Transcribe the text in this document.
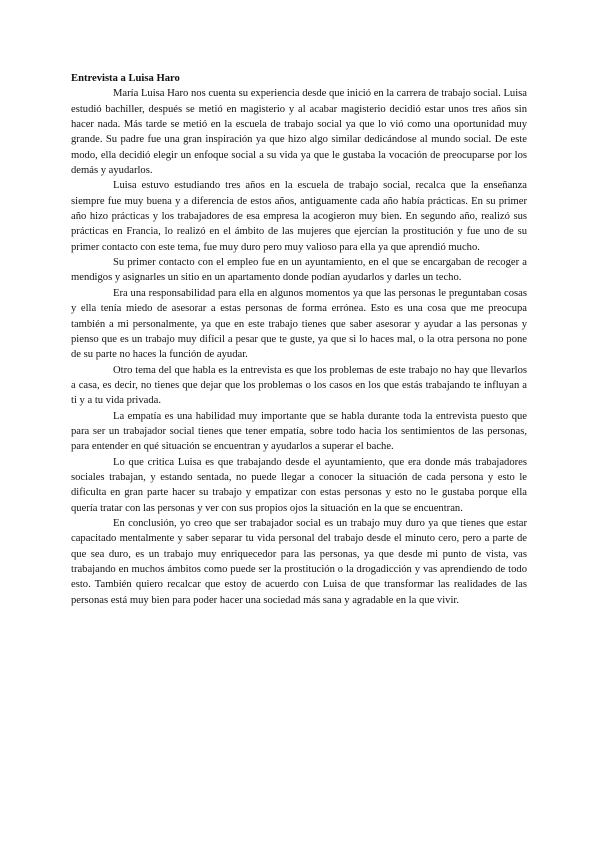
Entrevista a Luisa Haro

María Luisa Haro nos cuenta su experiencia desde que inició en la carrera de trabajo social. Luisa estudió bachiller, después se metió en magisterio y al acabar magisterio decidió estar unos tres años sin hacer nada. Más tarde se metió en la escuela de trabajo social ya que lo vió como una oportunidad muy grande. Su padre fue una gran inspiración ya que hizo algo similar dedicándose al mundo social. De este modo, ella decidió elegir un enfoque social a su vida ya que le gustaba la vocación de preocuparse por los demás y ayudarlos.

Luisa estuvo estudiando tres años en la escuela de trabajo social, recalca que la enseñanza siempre fue muy buena y a diferencia de estos años, antiguamente cada año había prácticas. En su primer año hizo prácticas y los trabajadores de esa empresa la acogieron muy bien. En segundo año, realizó sus prácticas en Francia, lo realizó en el ámbito de las mujeres que ejercían la prostitución y fue uno de su primer contacto con este tema, fue muy duro pero muy valioso para ella ya que aprendió mucho.

Su primer contacto con el empleo fue en un ayuntamiento, en el que se encargaban de recoger a mendigos y asignarles un sitio en un apartamento donde podían ayudarlos y darles un techo.

Era una responsabilidad para ella en algunos momentos ya que las personas le preguntaban cosas y ella tenía miedo de asesorar a estas personas de forma errónea. Esto es una cosa que me preocupa también a mi personalmente, ya que en este trabajo tienes que saber asesorar y ayudar a las personas y pienso que es un trabajo muy difícil a pesar que te guste, ya que si lo haces mal, o la otra persona no pone de su parte no haces la función de ayudar.

Otro tema del que habla es la entrevista es que los problemas de este trabajo no hay que llevarlos a casa, es decir, no tienes que dejar que los problemas o los casos en los que estás trabajando te influyan a ti y a tu vida privada.

La empatía es una habilidad muy importante que se habla durante toda la entrevista puesto que para ser un trabajador social tienes que tener empatía, sobre todo hacia los sentimientos de las personas, para entender en qué situación se encuentran y ayudarlos a superar el bache.

Lo que critica Luisa es que trabajando desde el ayuntamiento, que era donde más trabajadores sociales trabajan, y estando sentada, no puede llegar a conocer la situación de cada persona y esto le dificulta en gran parte hacer su trabajo y empatizar con estas personas y esto no le gustaba porque ella quería tratar con las personas y ver con sus propios ojos la situación en la que se encuentran.

En conclusión, yo creo que ser trabajador social es un trabajo muy duro ya que tienes que estar capacitado mentalmente y saber separar tu vida personal del trabajo desde el minuto cero, pero a parte de que sea duro, es un trabajo muy enriquecedor para las personas, ya que desde mi punto de vista, vas trabajando en muchos ámbitos como puede ser la prostitución o la drogadicción y vas aprendiendo de todo esto. También quiero recalcar que estoy de acuerdo con Luisa de que transformar las realidades de las personas está muy bien para poder hacer una sociedad más sana y agradable en la que vivir.
